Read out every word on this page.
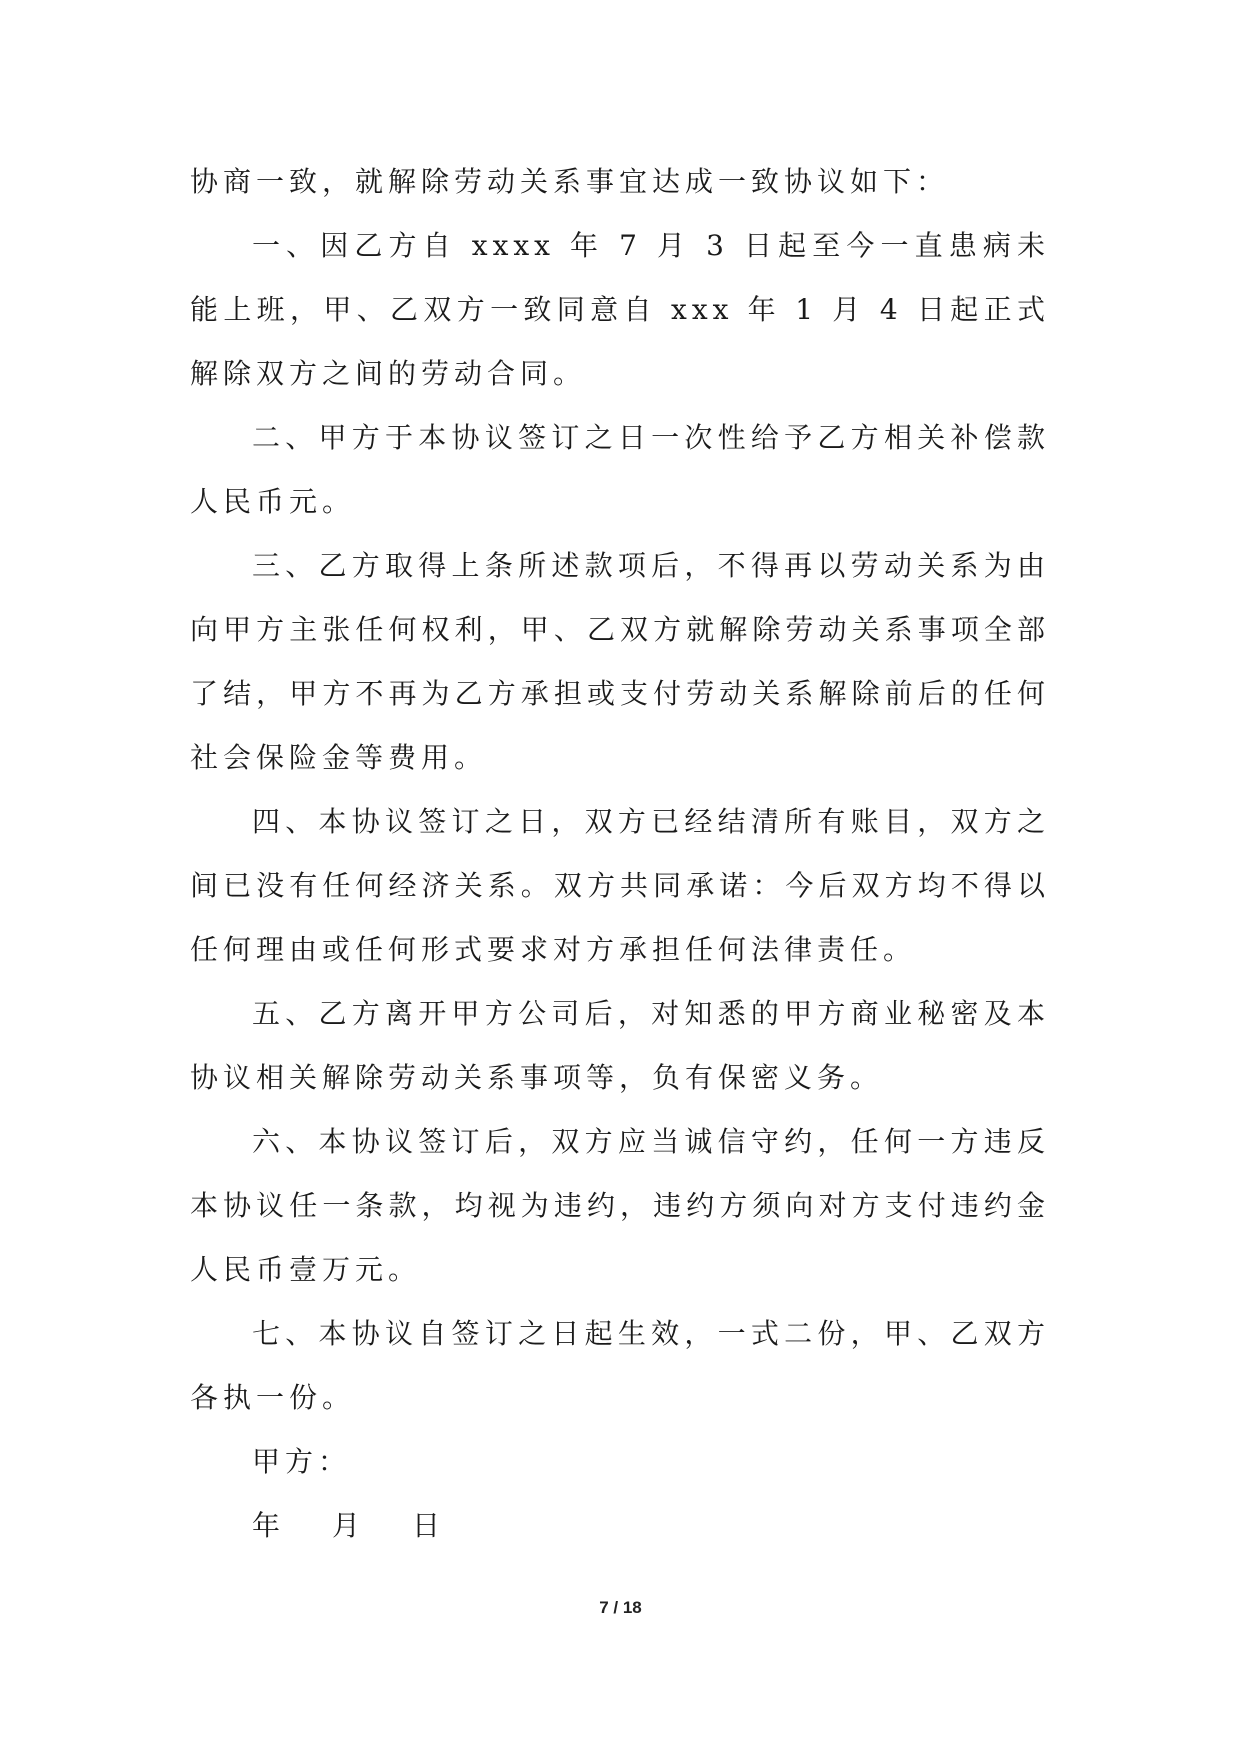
协商一致，就解除劳动关系事宜达成一致协议如下：

一、因乙方自 xxxx 年 7 月 3 日起至今一直患病未能上班，甲、乙双方一致同意自 xxx 年 1 月 4 日起正式解除双方之间的劳动合同。

二、甲方于本协议签订之日一次性给予乙方相关补偿款人民币元。

三、乙方取得上条所述款项后，不得再以劳动关系为由向甲方主张任何权利，甲、乙双方就解除劳动关系事项全部了结，甲方不再为乙方承担或支付劳动关系解除前后的任何社会保险金等费用。

四、本协议签订之日，双方已经结清所有账目，双方之间已没有任何经济关系。双方共同承诺：今后双方均不得以任何理由或任何形式要求对方承担任何法律责任。

五、乙方离开甲方公司后，对知悉的甲方商业秘密及本协议相关解除劳动关系事项等，负有保密义务。

六、本协议签订后，双方应当诚信守约，任何一方违反本协议任一条款，均视为违约，违约方须向对方支付违约金人民币壹万元。

七、本协议自签订之日起生效，一式二份，甲、乙双方各执一份。

甲方：

年 月 日

7 / 18
